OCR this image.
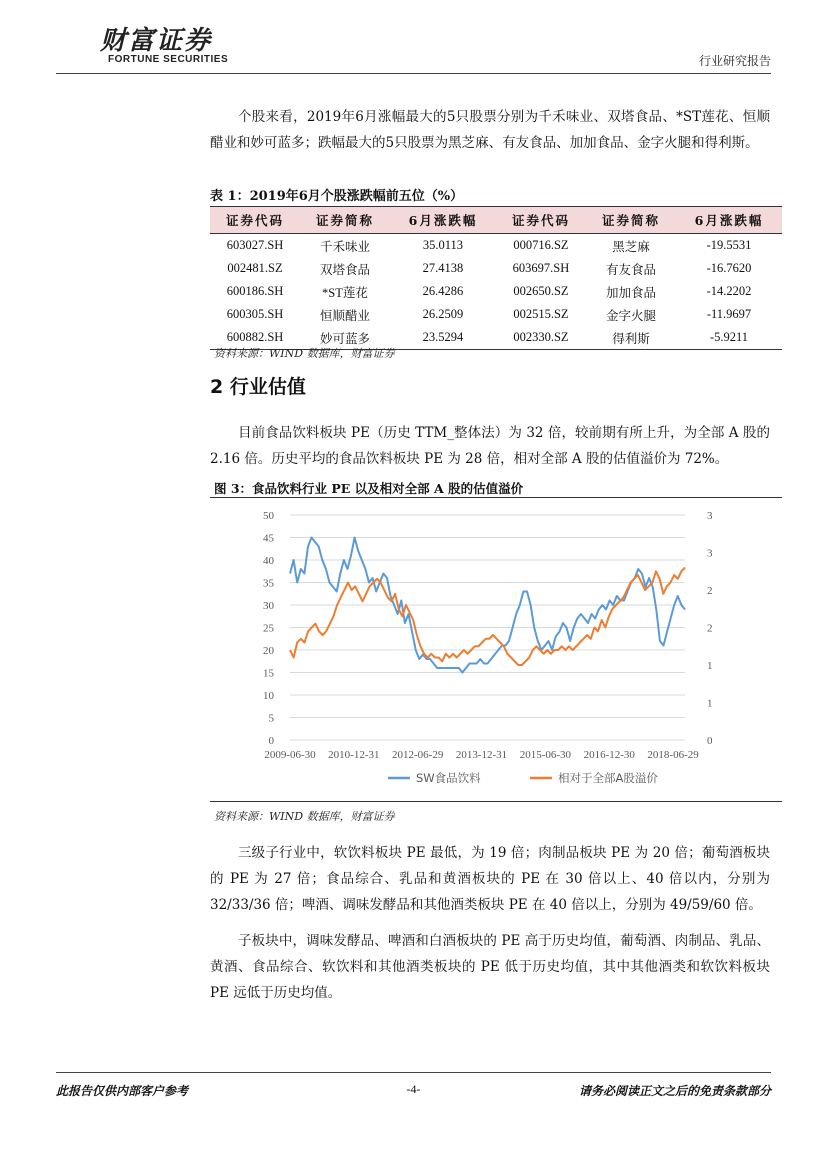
财富证券
FORTUNE SECURITIES	行业研究报告

个股来看，2019年6月涨幅最大的5只股票分别为千禾味业、双塔食品、*ST莲花、恒顺醋业和妙可蓝多；跌幅最大的5只股票为黑芝麻、有友食品、加加食品、金字火腿和得利斯。

表 1：2019年6月个股涨跌幅前五位（%）
证券代码	证券简称	6月涨跌幅	证券代码	证券简称	6月涨跌幅
603027.SH	千禾味业	35.0113	000716.SZ	黑芝麻	-19.5531
002481.SZ	双塔食品	27.4138	603697.SH	有友食品	-16.7620
600186.SH	*ST莲花	26.4286	002650.SZ	加加食品	-14.2202
600305.SH	恒顺醋业	26.2509	002515.SZ	金字火腿	-11.9697
600882.SH	妙可蓝多	23.5294	002330.SZ	得利斯	-5.9211
资料来源：WIND 数据库，财富证券
2 行业估值

目前食品饮料板块 PE（历史 TTM_整体法）为 32 倍，较前期有所上升，为全部 A 股的 2.16 倍。历史平均的食品饮料板块 PE 为 28 倍，相对全部 A 股的估值溢价为 72%。

图 3：食品饮料行业 PE 以及相对全部 A 股的估值溢价
0
5
10
15
20
25
30
35
40
45
50
0
1
1
2
2
3
3
2009-06-30 2010-12-31 2012-06-29 2013-12-31 2015-06-30 2016-12-30 2018-06-29
SW食品饮料	相对于全部A股溢价
资料来源：WIND 数据库，财富证券

三级子行业中，软饮料板块 PE 最低，为 19 倍；肉制品板块 PE 为 20 倍；葡萄酒板块的 PE 为 27 倍；食品综合、乳品和黄酒板块的 PE 在 30 倍以上、40 倍以内，分别为 32/33/36 倍；啤酒、调味发酵品和其他酒类板块 PE 在 40 倍以上，分别为 49/59/60 倍。

子板块中，调味发酵品、啤酒和白酒板块的 PE 高于历史均值，葡萄酒、肉制品、乳品、黄酒、食品综合、软饮料和其他酒类板块的 PE 低于历史均值，其中其他酒类和软饮料板块 PE 远低于历史均值。

此报告仅供内部客户参考	-4-	请务必阅读正文之后的免责条款部分
